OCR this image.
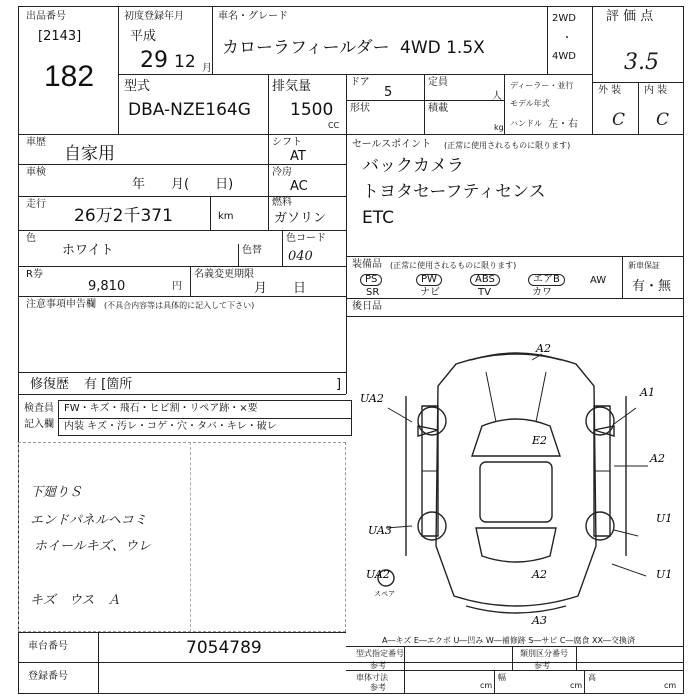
出品番号
[2143]
182
初度登録年月
平成
29 12 月
車名・グレード
カローラフィールダー 4WD 1.5X
2WD
・
4WD
評 価 点
3.5
型式
DBA-NZE164G
排気量
1500
CC
ドア
5
定員
人
形状	積載
kg
ディーラー・並行
モデル年式
ハンドル 左・右
外 装 内 装
C C
車歴
自家用
シフト
AT
車検
年　　月(　　日)
冷房
AC
走行
26万2千371	km
燃料
ガソリン
色
ホワイト	色替
色コード
040
R券
9,810	円
名義変更期限
月　　日
注意事項申告欄 (不具合内容等は具体的に記入して下さい)
修復歴 有 [箇所	]
セールスポイント (正常に使用されるものに限ります)
バックカメラ
トヨタセーフティセンス
ETC
装備品 (正常に使用されるものに限ります)	新車保証
有・無
PS	PW	ABS	エアB	AW
SR	ナビ	TV	カワ
後日品
検査員
記入欄
FW・キズ・飛石・ヒビ割・リペア跡・×要
内装 キズ・汚レ・コゲ・穴・タバ・キレ・破レ
下廻りＳ
エンドパネルヘコミ
ホイールキズ、ウレ
キズ　ウス　Ａ
A2
UA2	A1
E2
A2
UA3
U1
UA2	A2	U1
A3
スペア
A―キズ E―エクボ U―凹み W―補修跡 S―サビ C―腐食 XX―交換済
車台番号	7054789
登録番号
型式指定番号
参考
類別区分番号
参考
車体寸法
参考	cm
幅
cm
高
cm
